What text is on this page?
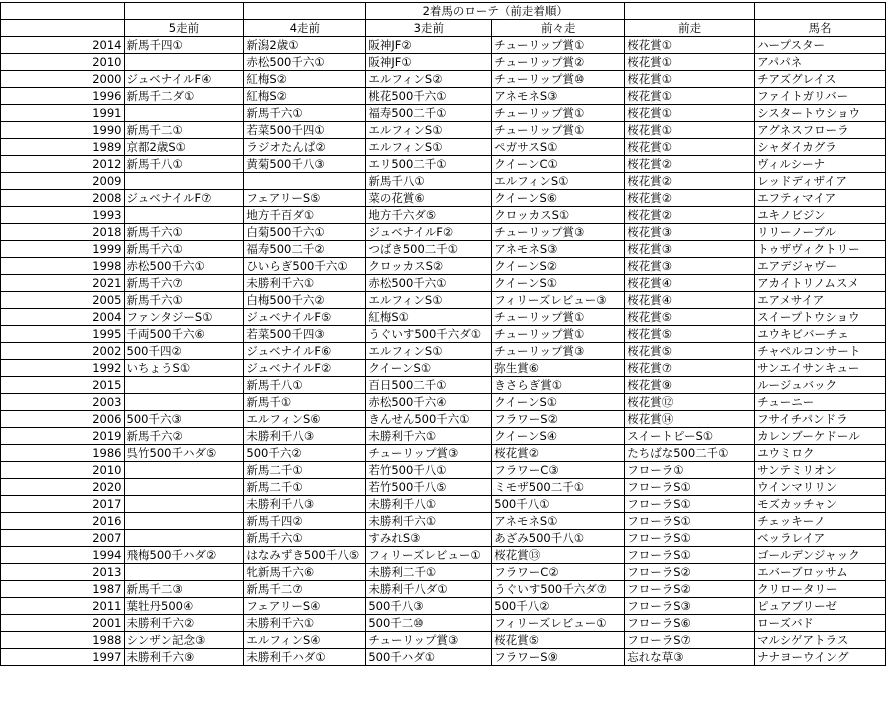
			2着馬のローテ（前走着順）			
	5走前	4走前	3走前	前々走	前走	馬名
2014	新馬千四①	新潟2歳①	阪神JF②	チューリップ賞①	桜花賞①	ハープスター
2010		赤松500千六①	阪神JF①	チューリップ賞②	桜花賞①	アパパネ
2000	ジュベナイルF④	紅梅S②	エルフィンS②	チューリップ賞⑩	桜花賞①	チアズグレイス
1996	新馬千二ダ①	紅梅S②	桃花500千六①	アネモネS③	桜花賞①	ファイトガリバー
1991		新馬千六①	福寿500二千①	チューリップ賞①	桜花賞①	シスタートウショウ
1990	新馬千二①	若菜500千四①	エルフィンS①	チューリップ賞①	桜花賞①	アグネスフローラ
1989	京都2歳S①	ラジオたんぱ②	エルフィンS①	ペガサスS①	桜花賞①	シャダイカグラ
2012	新馬千八①	黄菊500千八③	エリ500二千①	クイーンC①	桜花賞②	ヴィルシーナ
2009			新馬千八①	エルフィンS①	桜花賞②	レッドディザイア
2008	ジュベナイルF⑦	フェアリーS⑤	菜の花賞⑥	クイーンS⑥	桜花賞②	エフティマイア
1993		地方千百ダ①	地方千六ダ⑤	クロッカスS①	桜花賞②	ユキノビジン
2018	新馬千六①	白菊500千六①	ジュベナイルF②	チューリップ賞③	桜花賞③	リリーノーブル
1999	新馬千六①	福寿500二千②	つばき500二千①	アネモネS③	桜花賞③	トゥザヴィクトリー
1998	赤松500千六①	ひいらぎ500千六①	クロッカスS②	クイーンS②	桜花賞③	エアデジャヴー
2021	新馬千六⑦	未勝利千六①	赤松500千六①	クイーンS①	桜花賞④	アカイトリノムスメ
2005	新馬千六①	白梅500千六②	エルフィンS①	フィリーズレビュー③	桜花賞④	エアメサイア
2004	ファンタジーS①	ジュベナイルF⑤	紅梅S①	チューリップ賞①	桜花賞⑤	スイープトウショウ
1995	千両500千六⑥	若菜500千四③	うぐいす500千六ダ①	チューリップ賞①	桜花賞⑤	ユウキビバーチェ
2002	500千四②	ジュベナイルF⑥	エルフィンS①	チューリップ賞③	桜花賞⑤	チャペルコンサート
1992	いちょうS①	ジュベナイルF②	クイーンS①	弥生賞⑥	桜花賞⑦	サンエイサンキュー
2015		新馬千八①	百日500二千①	きさらぎ賞①	桜花賞⑨	ルージュバック
2003		新馬千①	赤松500千六④	クイーンS①	桜花賞⑫	チューニー
2006	500千六③	エルフィンS⑥	きんせん500千六①	フラワーS②	桜花賞⑭	フサイチパンドラ
2019	新馬千六②	未勝利千八③	未勝利千六①	クイーンS④	スイートピーS①	カレンブーケドール
1986	呉竹500千ハダ⑤	500千六②	チューリップ賞③	桜花賞②	たちばな500二千①	ユウミロク
2010		新馬二千①	若竹500千八①	フラワーC③	フローラ①	サンテミリオン
2020		新馬二千①	若竹500千八⑤	ミモザ500二千①	フローラS①	ウインマリリン
2017		未勝利千八③	未勝利千八①	500千八①	フローラS①	モズカッチャン
2016		新馬千四②	未勝利千六①	アネモネS①	フローラS①	チェッキーノ
2007		新馬千六①	すみれS③	あざみ500千八①	フローラS①	ベッラレイア
1994	飛梅500千ハダ②	はなみずき500千八⑤	フィリーズレビュー①	桜花賞⑬	フローラS①	ゴールデンジャック
2013		牝新馬千六⑥	未勝利二千①	フラワーC②	フローラS②	エバーブロッサム
1987	新馬千二③	新馬千二⑦	未勝利千八ダ①	うぐいす500千六ダ⑦	フローラS②	クリロータリー
2011	葉牡丹500④	フェアリーS④	500千八③	500千八②	フローラS③	ピュアブリーゼ
2001	未勝利千六②	未勝利千六①	500千二⑩	フィリーズレビュー①	フローラS⑥	ローズバド
1988	シンザン記念③	エルフィンS④	チューリップ賞③	桜花賞⑤	フローラS⑦	マルシゲアトラス
1997	未勝利千六⑨	未勝利千ハダ①	500千ハダ①	フラワーS⑨	忘れな草③	ナナヨーウイング
